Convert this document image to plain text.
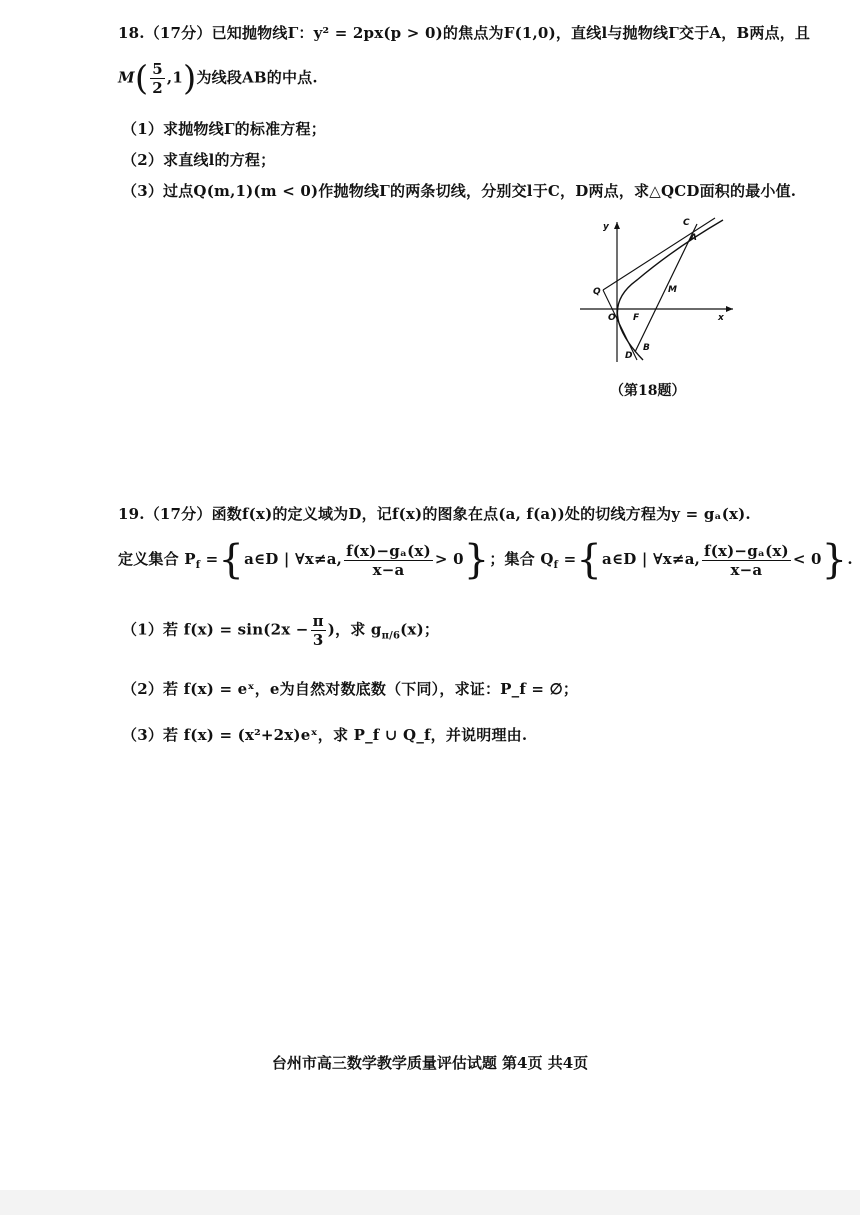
18.（17分）已知抛物线Γ：y² = 2px(p > 0)的焦点为F(1,0)，直线l与抛物线Γ交于A，B两点，且
$M( \frac{5}{2} ,1)$为线段AB的中点.
（1）求抛物线Γ的标准方程；
（2）求直线l的方程；
（3）过点Q(m,1)(m < 0)作抛物线Γ的两条切线，分别交l于C，D两点，求△QCD面积的最小值.
y
x
O F
Q	M
A
C
B
D
（第18题）
19.（17分）函数f(x)的定义域为D，记f(x)的图象在点(a, f(a))处的切线方程为y = gₐ(x).
定义集合 $P_f$ ={a∈D | ∀x≠a, $\frac{\text{f(x)−gₐ(x)}}{x-a} > 0$}；集合 $Q_f$ ={a∈D | ∀x≠a, $\frac{\text{f(x)−gₐ(x)}}{x-a} < 0$}.
（1）若 $f(x) = \sin(2x - \frac{\pi}{3}$ )，求 $g_{\pi/6}(x)$；
（2）若 f(x) = eˣ，e为自然对数底数（下同），求证：P_f = ∅；
（3）若 f(x) = (x²+2x)eˣ，求 P_f ∪ Q_f，并说明理由.
台州市高三数学教学质量评估试题 第4页 共4页
